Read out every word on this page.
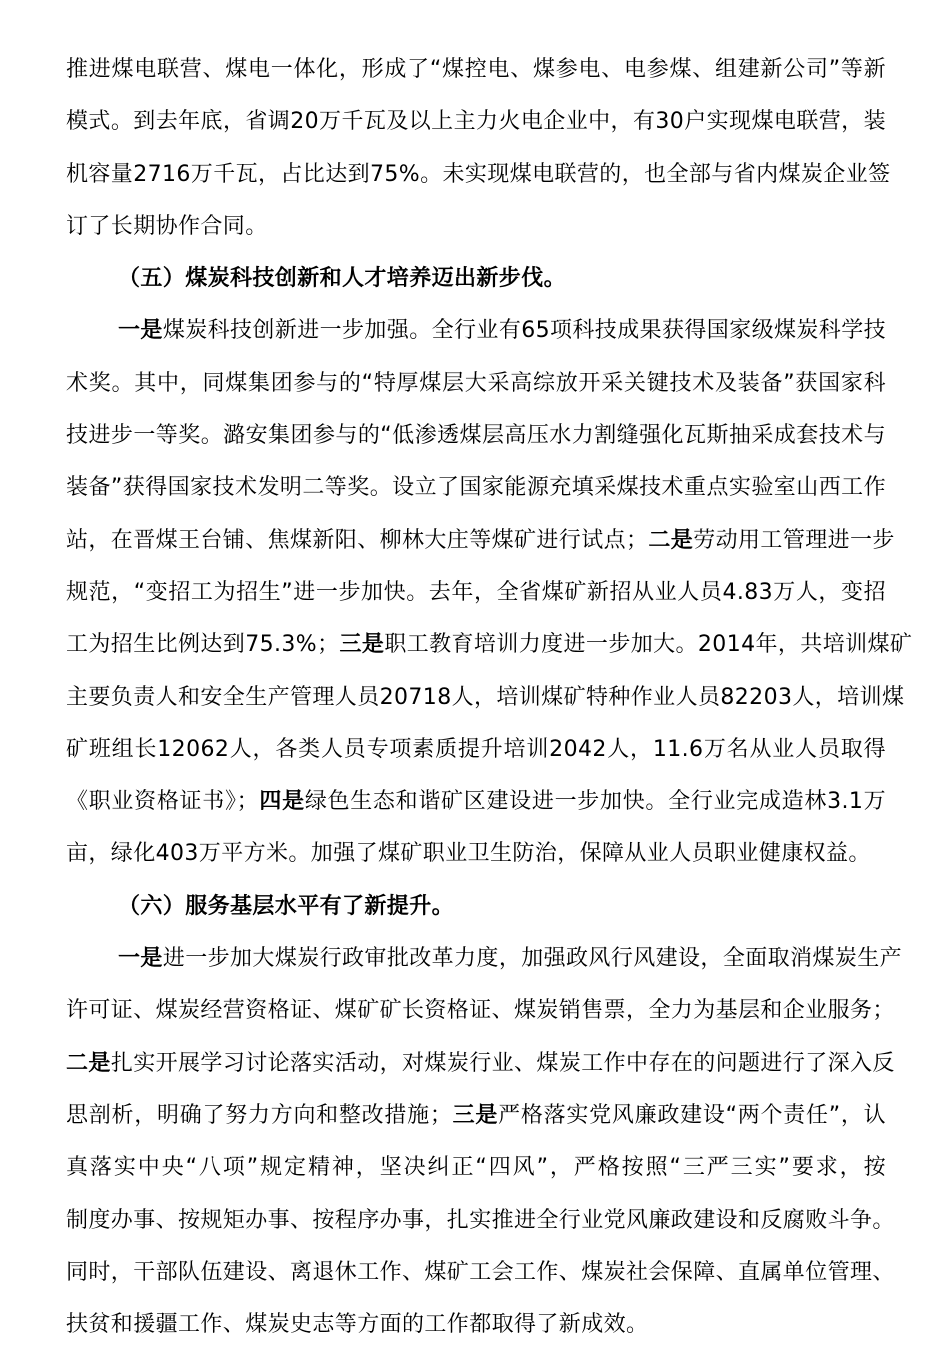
推进煤电联营、煤电一体化，形成了“煤控电、煤参电、电参煤、组建新公司”等新
模式。到去年底，省调20万千瓦及以上主力火电企业中，有30户实现煤电联营，装
机容量2716万千瓦，占比达到75%。未实现煤电联营的，也全部与省内煤炭企业签
订了长期协作合同。
（五）煤炭科技创新和人才培养迈出新步伐。
一是煤炭科技创新进一步加强。全行业有65项科技成果获得国家级煤炭科学技
术奖。其中，同煤集团参与的“特厚煤层大采高综放开采关键技术及装备”获国家科
技进步一等奖。潞安集团参与的“低渗透煤层高压水力割缝强化瓦斯抽采成套技术与
装备”获得国家技术发明二等奖。设立了国家能源充填采煤技术重点实验室山西工作
站，在晋煤王台铺、焦煤新阳、柳林大庄等煤矿进行试点；二是劳动用工管理进一步
规范，“变招工为招生”进一步加快。去年，全省煤矿新招从业人员4.83万人，变招
工为招生比例达到75.3%；三是职工教育培训力度进一步加大。2014年，共培训煤矿
主要负责人和安全生产管理人员20718人，培训煤矿特种作业人员82203人，培训煤
矿班组长12062人，各类人员专项素质提升培训2042人，11.6万名从业人员取得
《职业资格证书》；四是绿色生态和谐矿区建设进一步加快。全行业完成造林3.1万
亩，绿化403万平方米。加强了煤矿职业卫生防治，保障从业人员职业健康权益。
（六）服务基层水平有了新提升。
一是进一步加大煤炭行政审批改革力度，加强政风行风建设，全面取消煤炭生产
许可证、煤炭经营资格证、煤矿矿长资格证、煤炭销售票，全力为基层和企业服务；
二是扎实开展学习讨论落实活动，对煤炭行业、煤炭工作中存在的问题进行了深入反
思剖析，明确了努力方向和整改措施；三是严格落实党风廉政建设“两个责任”，认
真落实中央“八项”规定精神，坚决纠正“四风”，严格按照“三严三实”要求，按
制度办事、按规矩办事、按程序办事，扎实推进全行业党风廉政建设和反腐败斗争。
同时，干部队伍建设、离退休工作、煤矿工会工作、煤炭社会保障、直属单位管理、
扶贫和援疆工作、煤炭史志等方面的工作都取得了新成效。
